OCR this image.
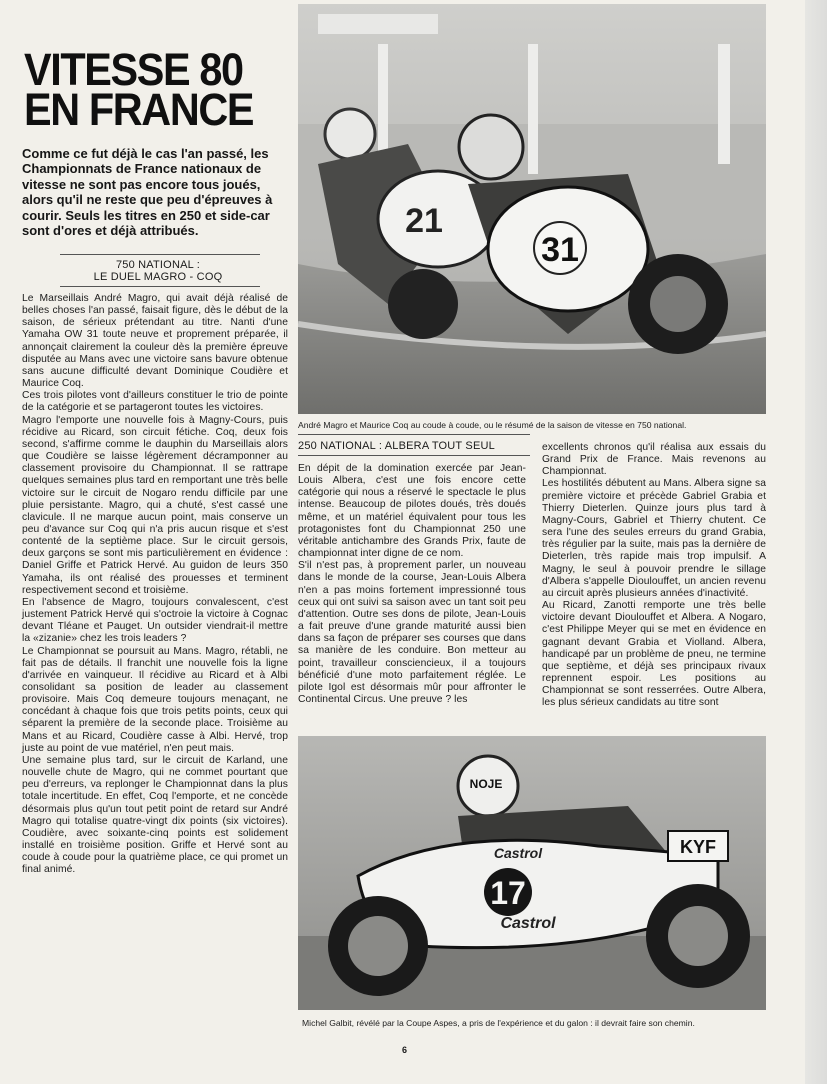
VITESSE 80
EN FRANCE
Comme ce fut déjà le cas l'an passé, les Championnats de France nationaux de vitesse ne sont pas encore tous joués, alors qu'il ne reste que peu d'épreuves à courir. Seuls les titres en 250 et side-car sont d'ores et déjà attribués.
750 NATIONAL :
LE DUEL MAGRO - COQ

Le Marseillais André Magro, qui avait déjà réalisé de belles choses l'an passé, faisait figure, dès le début de la saison, de sérieux prétendant au titre. Nanti d'une Yamaha OW 31 toute neuve et proprement préparée, il annonçait clairement la couleur dès la première épreuve disputée au Mans avec une victoire sans bavure obtenue sans aucune difficulté devant Dominique Coudière et Maurice Coq.

Ces trois pilotes vont d'ailleurs constituer le trio de pointe de la catégorie et se partageront toutes les victoires.

Magro l'emporte une nouvelle fois à Magny-Cours, puis récidive au Ricard, son circuit fétiche. Coq, deux fois second, s'affirme comme le dauphin du Marseillais alors que Coudière se laisse légèrement décramponner au classement provisoire du Championnat. Il se rattrape quelques semaines plus tard en remportant une très belle victoire sur le circuit de Nogaro rendu difficile par une pluie persistante. Magro, qui a chuté, s'est cassé une clavicule. Il ne marque aucun point, mais conserve un peu d'avance sur Coq qui n'a pris aucun risque et s'est contenté de la septième place. Sur le circuit gersois, deux garçons se sont mis particulièrement en évidence : Daniel Griffe et Patrick Hervé. Au guidon de leurs 350 Yamaha, ils ont réalisé des prouesses et terminent respectivement second et troisième.

En l'absence de Magro, toujours convalescent, c'est justement Patrick Hervé qui s'octroie la victoire à Cognac devant Tléane et Pauget. Un outsider viendrait-il mettre la «zizanie» chez les trois leaders ?

Le Championnat se poursuit au Mans. Magro, rétabli, ne fait pas de détails. Il franchit une nouvelle fois la ligne d'arrivée en vainqueur. Il récidive au Ricard et à Albi consolidant sa position de leader au classement provisoire. Mais Coq demeure toujours menaçant, ne concédant à chaque fois que trois petits points, ceux qui séparent la première de la seconde place. Troisième au Mans et au Ricard, Coudière casse à Albi. Hervé, trop juste au point de vue matériel, n'en peut mais.

Une semaine plus tard, sur le circuit de Karland, une nouvelle chute de Magro, qui ne commet pourtant que peu d'erreurs, va replonger le Championnat dans la plus totale incertitude. En effet, Coq l'emporte, et ne concède désormais plus qu'un tout petit point de retard sur André Magro qui totalise quatre-vingt dix points (six victoires). Coudière, avec soixante-cinq points est solidement installé en troisième position. Griffe et Hervé sont au coude à coude pour la quatrième place, ce qui promet un final animé.

21
31
André Magro et Maurice Coq au coude à coude, ou le résumé de la saison de vitesse en 750 national.
250 NATIONAL : ALBERA TOUT SEUL

En dépit de la domination exercée par Jean-Louis Albera, c'est une fois encore cette catégorie qui nous a réservé le spectacle le plus intense. Beaucoup de pilotes doués, très doués même, et un matériel équivalent pour tous les protagonistes font du Championnat 250 une véritable antichambre des Grands Prix, faute de championnat inter digne de ce nom.

S'il n'est pas, à proprement parler, un nouveau dans le monde de la course, Jean-Louis Albera n'en a pas moins fortement impressionné tous ceux qui ont suivi sa saison avec un tant soit peu d'attention. Outre ses dons de pilote, Jean-Louis a fait preuve d'une grande maturité aussi bien dans sa façon de préparer ses courses que dans sa manière de les conduire. Bon metteur au point, travailleur consciencieux, il a toujours bénéficié d'une moto parfaitement réglée. Le pilote Igol est désormais mûr pour affronter le Continental Circus. Une preuve ? les

excellents chronos qu'il réalisa aux essais du Grand Prix de France. Mais revenons au Championnat.

Les hostilités débutent au Mans. Albera signe sa première victoire et précède Gabriel Grabia et Thierry Dieterlen. Quinze jours plus tard à Magny-Cours, Gabriel et Thierry chutent. Ce sera l'une des seules erreurs du grand Grabia, très régulier par la suite, mais pas la dernière de Dieterlen, très rapide mais trop impulsif. A Magny, le seul à pouvoir prendre le sillage d'Albera s'appelle Dioulouffet, un ancien revenu au circuit après plusieurs années d'inactivité.

Au Ricard, Zanotti remporte une très belle victoire devant Dioulouffet et Albera. A Nogaro, c'est Philippe Meyer qui se met en évidence en gagnant devant Grabia et Violland. Albera, handicapé par un problème de pneu, ne termine que septième, et déjà ses principaux rivaux reprennent espoir. Les positions au Championnat se sont resserrées. Outre Albera, les plus sérieux candidats au titre sont

NOJE
KYF
Castrol
Castrol
17
Michel Galbit, révélé par la Coupe Aspes, a pris de l'expérience et du galon : il devrait faire son chemin.
6
